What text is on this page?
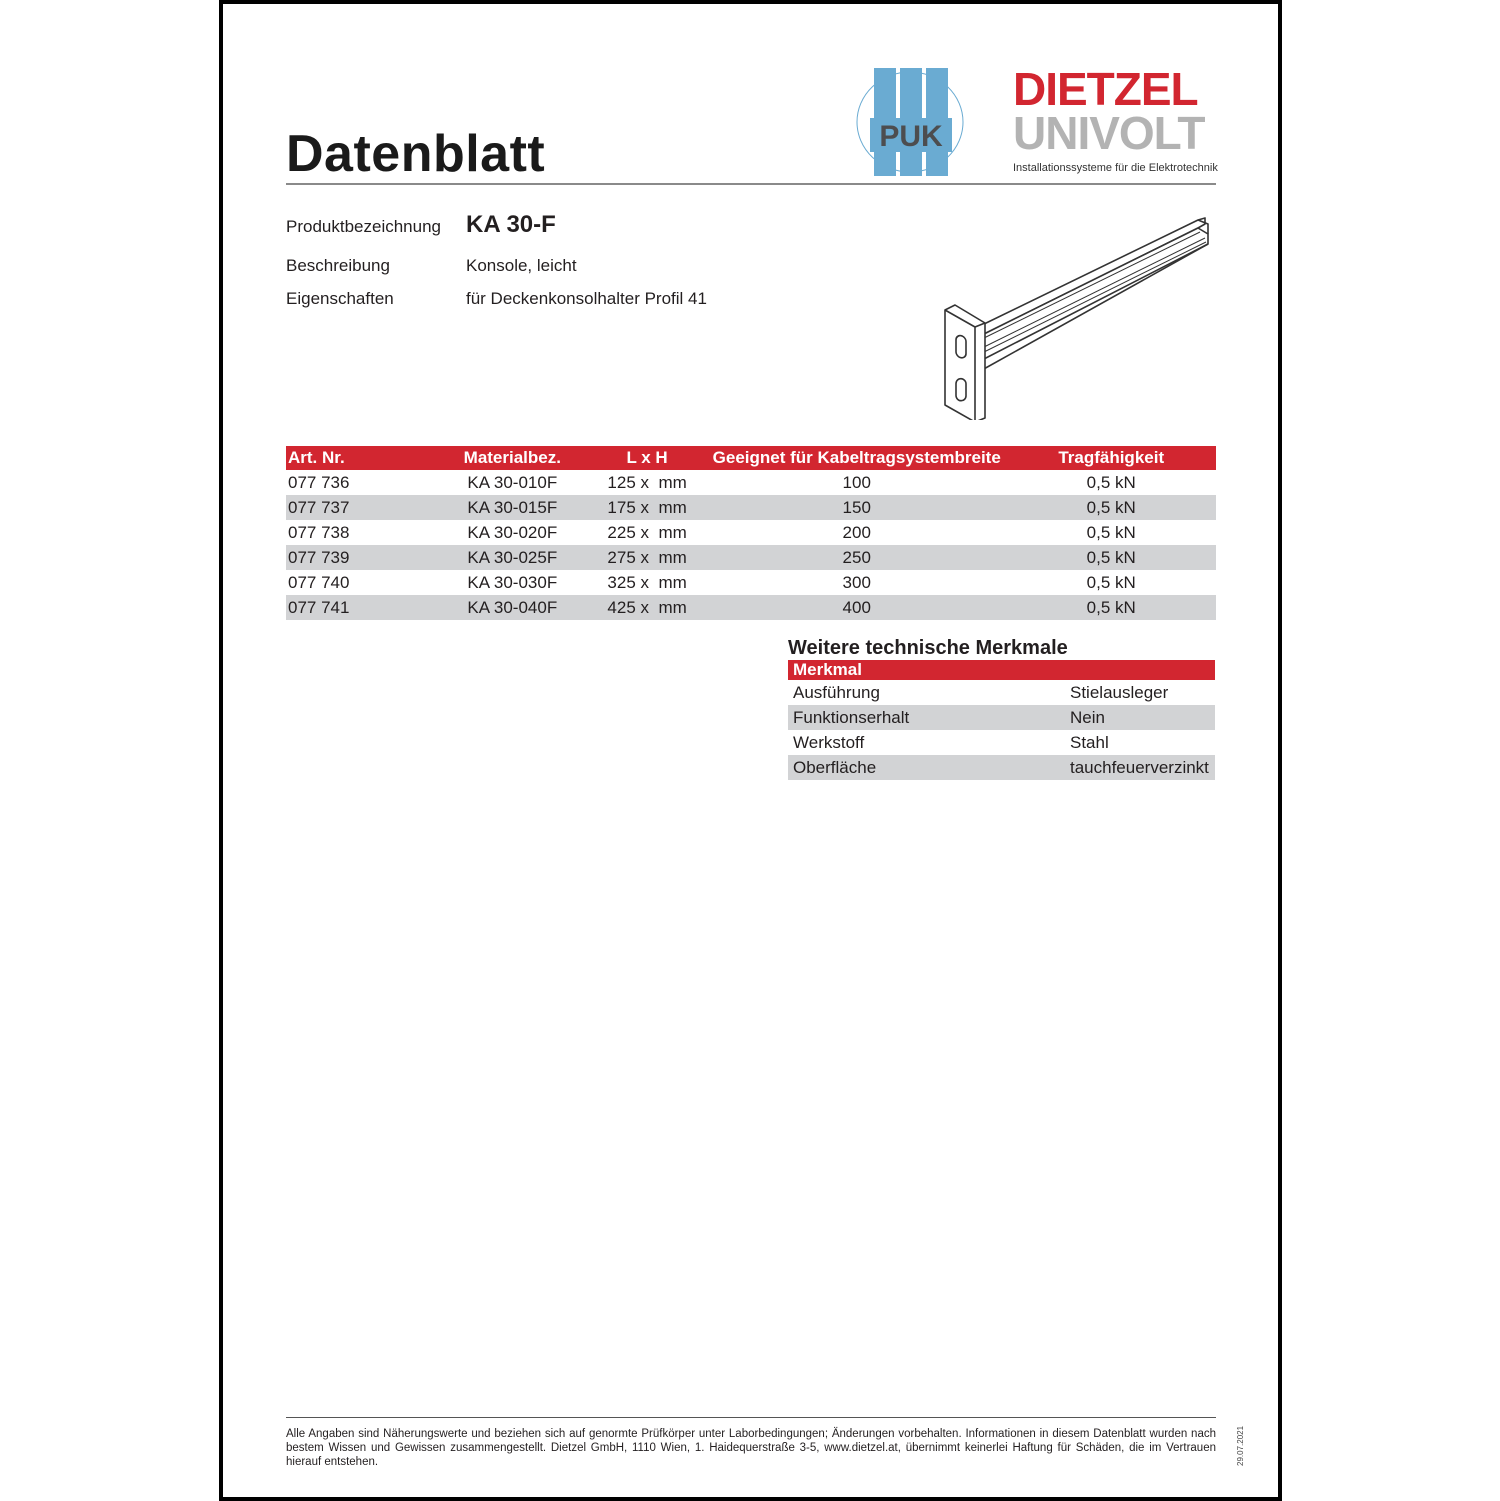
Datenblatt	PUK
DIETZEL
UNIVOLT
Installationssysteme für die Elektrotechnik
Produktbezeichnung KA 30-F
Beschreibung	Konsole, leicht
Eigenschaften	für Deckenkonsolhalter Profil 41
Art. Nr.	Materialbez.	L x H	Geeignet für Kabeltragsystembreite	Tragfähigkeit
077 736	KA 30-010F	125 x  mm	100	0,5 kN
077 737	KA 30-015F	175 x  mm	150	0,5 kN
077 738	KA 30-020F	225 x  mm	200	0,5 kN
077 739	KA 30-025F	275 x  mm	250	0,5 kN
077 740	KA 30-030F	325 x  mm	300	0,5 kN
077 741	KA 30-040F	425 x  mm	400	0,5 kN
Weitere technische Merkmale
Merkmal	
Ausführung	Stielausleger
Funktionserhalt	Nein
Werkstoff	Stahl
Oberfläche	tauchfeuerverzinkt
Alle Angaben sind Näherungswerte und beziehen sich auf genormte Prüfkörper unter Laborbedingungen; Änderungen vorbehalten. Informationen in diesem Datenblatt wurden nach bestem Wissen und Gewissen zusammengestellt. Dietzel GmbH, 1110 Wien, 1. Haidequerstraße 3-5, www.dietzel.at, übernimmt keinerlei Haftung für Schäden, die im Vertrauen hierauf entstehen.	29.07.2021
